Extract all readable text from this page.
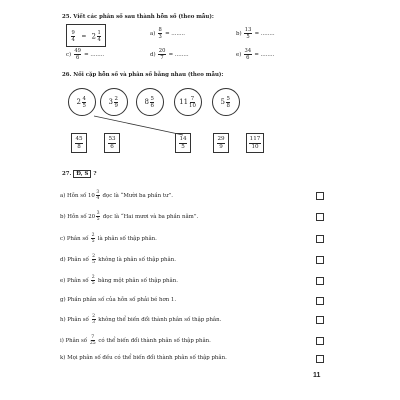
25. Viết các phân số sau thành hỗn số (theo mẫu):
$\frac{9}{4} = 2 \frac{1}{4}$	$a) \frac{8}{3}$ = ........	$b) \frac{13}{5}$ = ........
$c) \frac{49}{6}$ = ........	$d) \frac{20}{7}$ = ........	$e) \frac{34}{6}$ = ........
26. Nối cặp hỗn số và phân số bằng nhau (theo mẫu):
$2 \frac{4}{5}$	$3 \frac{2}{9}$	$8 \frac{5}{6}$	$11 \frac{7}{10}$	$5 \frac{5}{8}$
$\frac{45}{8}$	$\frac{53}{6}$	$\frac{14}{5}$	$\frac{29}{9}$	$\frac{117}{10}$
27. Đ, S ?
a) Hỗn số $10 \frac{3}{4}$ đọc là “Mười ba phần tư”.
b) Hỗn số $20 \frac{3}{5}$ đọc là “Hai mươi và ba phần năm”.
c) Phân số $\frac{2}{5}$ là phân số thập phân.
d) Phân số $\frac{2}{5}$ không là phân số thập phân.
e) Phân số $\frac{2}{5}$ bằng một phân số thập phân.
g) Phần phân số của hỗn số phải bé hơn 1.
h) Phân số $\frac{2}{3}$ không thể biến đổi thành phân số thập phân.
i) Phân số $\frac{7}{25}$ có thể biến đổi thành phân số thập phân.
k) Mọi phân số đều có thể biến đổi thành phân số thập phân.
11
